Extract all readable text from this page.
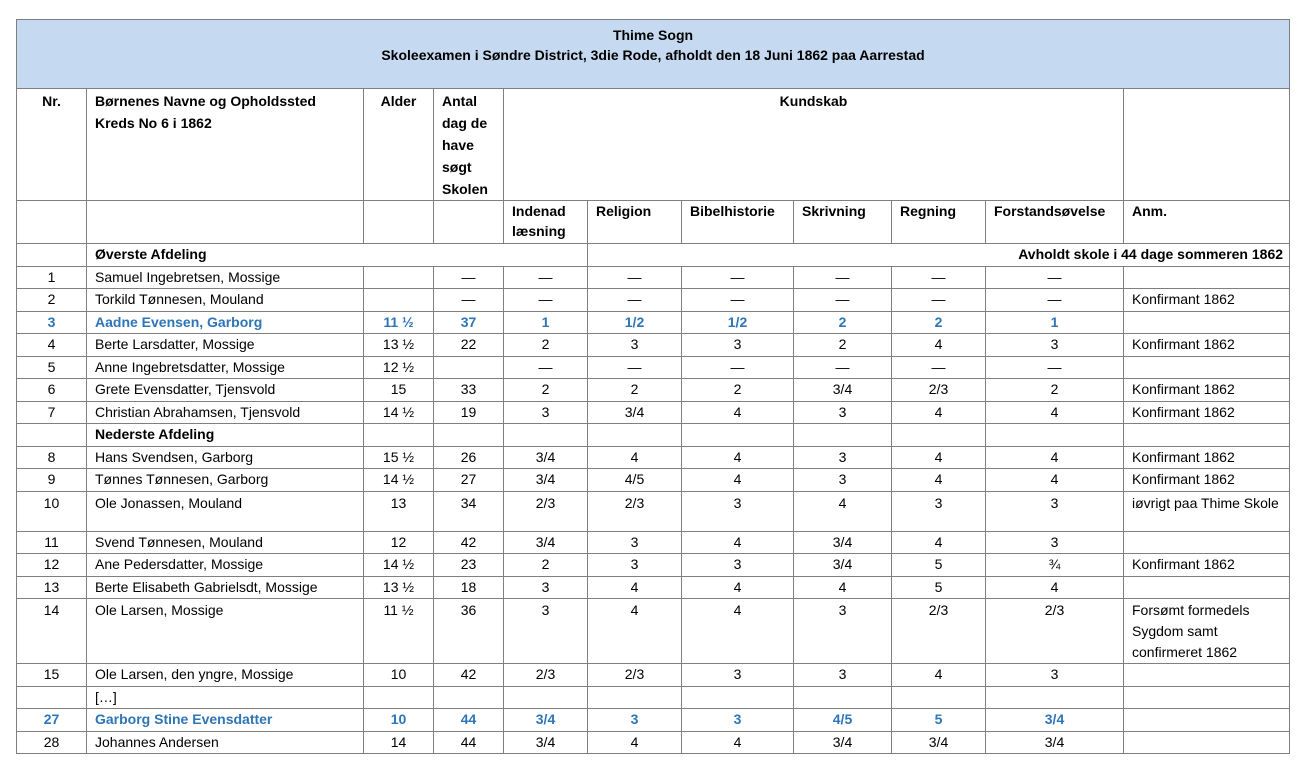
Thime Sogn
Skoleexamen i Søndre District, 3die Rode, afholdt den 18 Juni 1862 paa Aarrestad										

Nr.	Børnenes Navne og Opholdssted Kreds No 6 i 1862	Alder	Antal dag de have søgt Skolen	Kundskab						
				Indenad læsning	Religion	Bibelhistorie	Skrivning	Regning	Forstandsøvelse	Anm.
	Øverste Afdeling				Avholdt skole i 44 dage sommeren 1862					
1	Samuel Ingebretsen, Mossige		—	—	—	—	—	—	—	
2	Torkild Tønnesen, Mouland		—	—	—	—	—	—	—	Konfirmant 1862
3	Aadne Evensen, Garborg	11 ½	37	1	1/2	1/2	2	2	1	
4	Berte Larsdatter, Mossige	13 ½	22	2	3	3	2	4	3	Konfirmant 1862
5	Anne Ingebretsdatter, Mossige	12 ½		—	—	—	—	—	—	
6	Grete Evensdatter, Tjensvold	15	33	2	2	2	3/4	2/3	2	Konfirmant 1862
7	Christian Abrahamsen, Tjensvold	14 ½	19	3	3/4	4	3	4	4	Konfirmant 1862
	Nederste Afdeling									
8	Hans Svendsen, Garborg	15 ½	26	3/4	4	4	3	4	4	Konfirmant 1862
9	Tønnes Tønnesen, Garborg	14 ½	27	3/4	4/5	4	3	4	4	Konfirmant 1862
10	Ole Jonassen, Mouland	13	34	2/3	2/3	3	4	3	3	iøvrigt paa Thime Skole
11	Svend Tønnesen, Mouland	12	42	3/4	3	4	3/4	4	3	
12	Ane Pedersdatter, Mossige	14 ½	23	2	3	3	3/4	5	¾	Konfirmant 1862
13	Berte Elisabeth Gabrielsdt, Mossige	13 ½	18	3	4	4	4	5	4	
14	Ole Larsen, Mossige	11 ½	36	3	4	4	3	2/3	2/3	Forsømt formedels Sygdom samt confirmeret 1862
15	Ole Larsen, den yngre, Mossige	10	42	2/3	2/3	3	3	4	3	
	[…]									
27	Garborg Stine Evensdatter	10	44	3/4	3	3	4/5	5	3/4	
28	Johannes Andersen	14	44	3/4	4	4	3/4	3/4	3/4	
